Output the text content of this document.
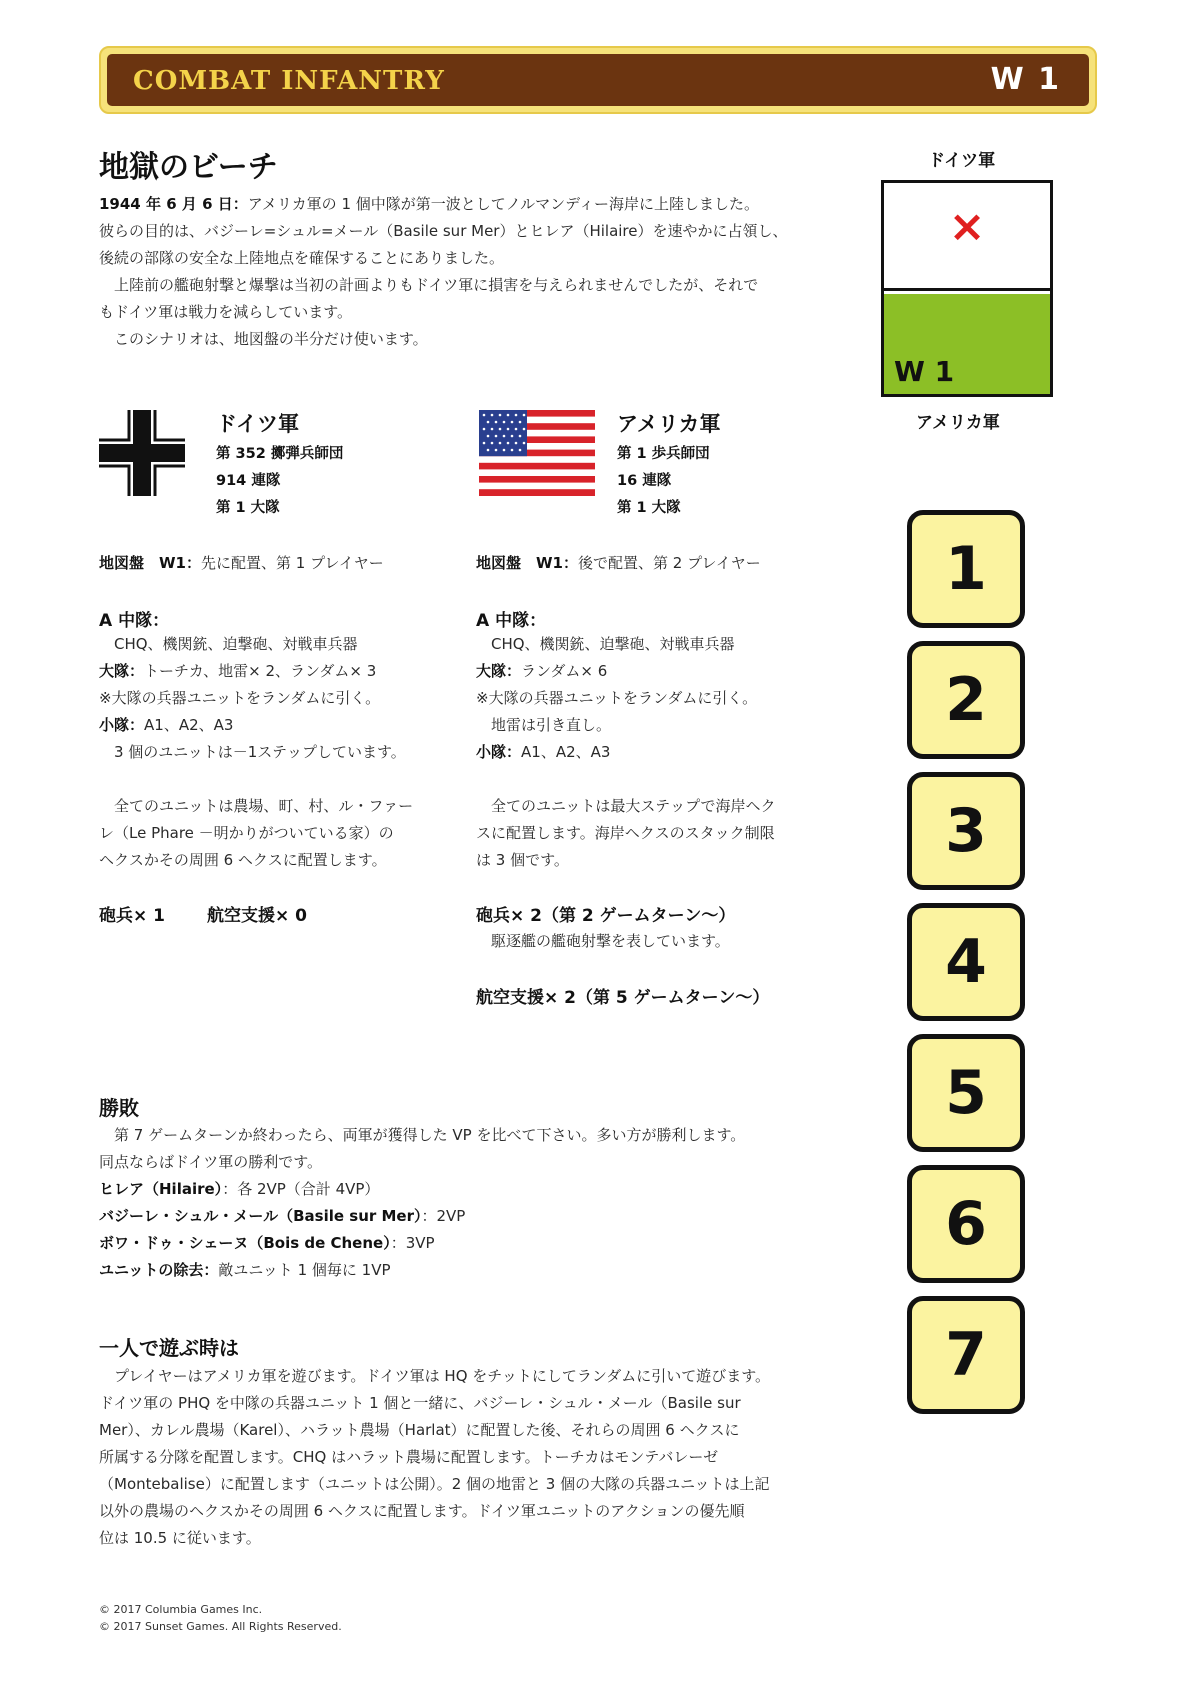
COMBAT INFANTRY	W 1
地獄のビーチ
1944 年 6 月 6 日：アメリカ軍の 1 個中隊が第一波としてノルマンディー海岸に上陸しました。
彼らの目的は、バジーレ=シュル=メール（Basile sur Mer）とヒレア（Hilaire）を速やかに占領し、
後続の部隊の安全な上陸地点を確保することにありました。
　上陸前の艦砲射撃と爆撃は当初の計画よりもドイツ軍に損害を与えられませんでしたが、それで
もドイツ軍は戦力を減らしています。
　このシナリオは、地図盤の半分だけ使います。
ドイツ軍
第 352 擲弾兵師団
914 連隊
第 1 大隊
地図盤　W1：先に配置、第 1 プレイヤー
A 中隊：
　CHQ、機関銃、迫撃砲、対戦車兵器
大隊：トーチカ、地雷× 2、ランダム× 3
※大隊の兵器ユニットをランダムに引く。
小隊：A1、A2、A3
　3 個のユニットは－1ステップしています。
　全てのユニットは農場、町、村、ル・ファー
レ（Le Phare －明かりがついている家）の
ヘクスかその周囲 6 ヘクスに配置します。
砲兵× 1 航空支援× 0
アメリカ軍
第 1 歩兵師団
16 連隊
第 1 大隊
地図盤　W1：後で配置、第 2 プレイヤー
A 中隊：
　CHQ、機関銃、迫撃砲、対戦車兵器
大隊：ランダム× 6
※大隊の兵器ユニットをランダムに引く。
　地雷は引き直し。
小隊：A1、A2、A3
　全てのユニットは最大ステップで海岸ヘク
スに配置します。海岸ヘクスのスタック制限
は 3 個です。
砲兵× 2（第 2 ゲームターン～）
　駆逐艦の艦砲射撃を表しています。
航空支援× 2（第 5 ゲームターン～）
勝敗
　第 7 ゲームターンか終わったら、両軍が獲得した VP を比べて下さい。多い方が勝利します。
同点ならばドイツ軍の勝利です。
ヒレア（Hilaire）：各 2VP（合計 4VP）
バジーレ・シュル・メール（Basile sur Mer）：2VP
ボワ・ドゥ・シェーヌ（Bois de Chene）：3VP
ユニットの除去：敵ユニット 1 個毎に 1VP
一人で遊ぶ時は
　プレイヤーはアメリカ軍を遊びます。ドイツ軍は HQ をチットにしてランダムに引いて遊びます。
ドイツ軍の PHQ を中隊の兵器ユニット 1 個と一緒に、バジーレ・シュル・メール（Basile sur
Mer）、カレル農場（Karel）、ハラット農場（Harlat）に配置した後、それらの周囲 6 ヘクスに
所属する分隊を配置します。CHQ はハラット農場に配置します。トーチカはモンテバレーゼ
（Montebalise）に配置します（ユニットは公開）。2 個の地雷と 3 個の大隊の兵器ユニットは上記
以外の農場のヘクスかその周囲 6 ヘクスに配置します。ドイツ軍ユニットのアクションの優先順
位は 10.5 に従います。
ドイツ軍
×
W 1
アメリカ軍
1
2
3
4
5
6
7
© 2017 Columbia Games Inc.
© 2017 Sunset Games. All Rights Reserved.
